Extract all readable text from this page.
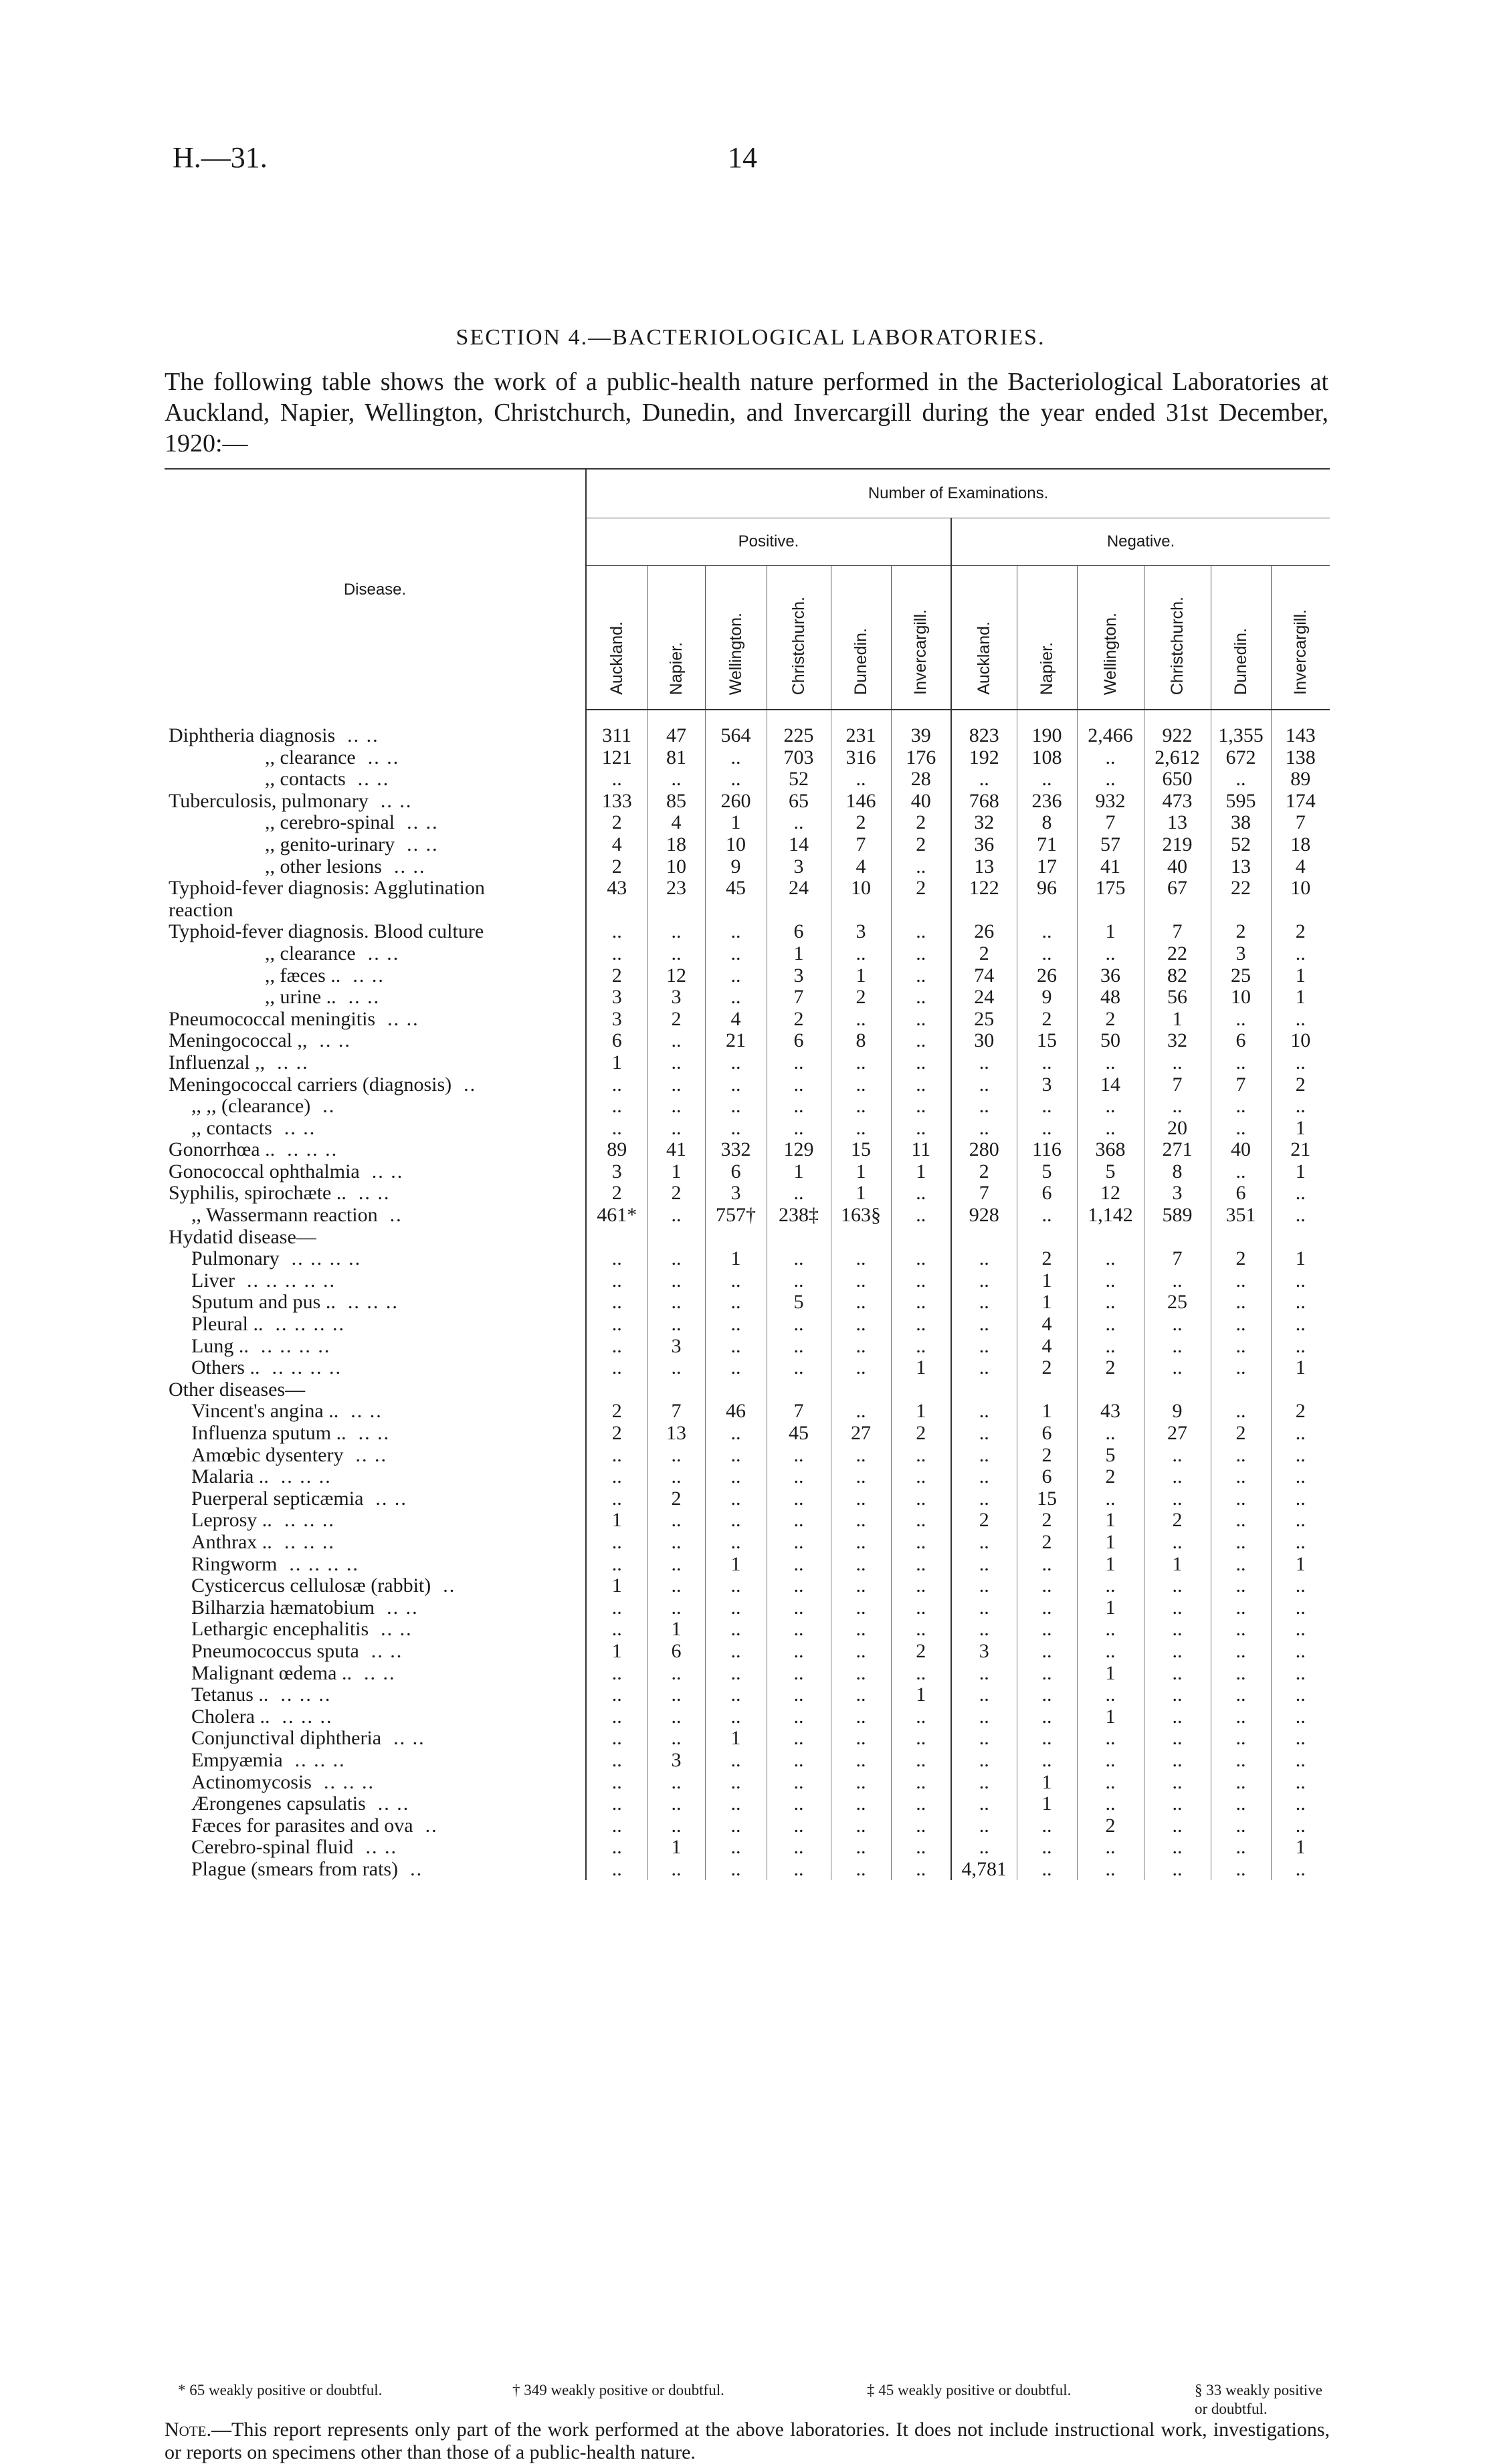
H.—31.	14
SECTION 4.—BACTERIOLOGICAL LABORATORIES.
The following table shows the work of a public-health nature performed in the Bacteriological Laboratories at Auckland, Napier, Wellington, Christchurch, Dunedin, and Invercargill during the year ended 31st December, 1920:—
Disease.	Number of Examinations.											
	Positive.						Negative.					
	Auckland.	Napier.	Wellington.	Christchurch.	Dunedin.	Invercargill.	Auckland.	Napier.	Wellington.	Christchurch.	Dunedin.	Invercargill.
Diphtheria diagnosis .. ..	311	47	564	225	231	39	823	190	2,466	922	1,355	143
,, clearance .. ..	121	81	..	703	316	176	192	108	..	2,612	672	138
,, contacts .. ..	..	..	..	52	..	28	..	..	..	650	..	89
Tuberculosis, pulmonary .. ..	133	85	260	65	146	40	768	236	932	473	595	174
,, cerebro-spinal .. ..	2	4	1	..	2	2	32	8	7	13	38	7
,, genito-urinary .. ..	4	18	10	14	7	2	36	71	57	219	52	18
,, other lesions .. ..	2	10	9	3	4	..	13	17	41	40	13	4
Typhoid-fever diagnosis: Agglutination	43	23	45	24	10	2	122	96	175	67	22	10
reaction												
Typhoid-fever diagnosis. Blood culture	..	..	..	6	3	..	26	..	1	7	2	2
,, clearance .. ..	..	..	..	1	..	..	2	..	..	22	3	..
,, fæces .. .. ..	2	12	..	3	1	..	74	26	36	82	25	1
,, urine .. .. ..	3	3	..	7	2	..	24	9	48	56	10	1
Pneumococcal meningitis .. ..	3	2	4	2	..	..	25	2	2	1	..	..
Meningococcal ,, .. ..	6	..	21	6	8	..	30	15	50	32	6	10
Influenzal ,, .. ..	1	..	..	..	..	..	..	..	..	..	..	..
Meningococcal carriers (diagnosis) ..	..	..	..	..	..	..	..	3	14	7	7	2
,, ,, (clearance) ..	..	..	..	..	..	..	..	..	..	..	..	..
,, contacts .. ..	..	..	..	..	..	..	..	..	..	20	..	1
Gonorrhœa .. .. .. ..	89	41	332	129	15	11	280	116	368	271	40	21
Gonococcal ophthalmia .. ..	3	1	6	1	1	1	2	5	5	8	..	1
Syphilis, spirochæte .. .. ..	2	2	3	..	1	..	7	6	12	3	6	..
,, Wassermann reaction ..	461*	..	757†	238‡	163§	..	928	..	1,142	589	351	..
Hydatid disease—												
Pulmonary .. .. .. ..	..	..	1	..	..	..	..	2	..	7	2	1
Liver .. .. .. .. ..	..	..	..	..	..	..	..	1	..	..	..	..
Sputum and pus .. .. .. ..	..	..	..	5	..	..	..	1	..	25	..	..
Pleural .. .. .. .. ..	..	..	..	..	..	..	..	4	..	..	..	..
Lung .. .. .. .. ..	..	3	..	..	..	..	..	4	..	..	..	..
Others .. .. .. .. ..	..	..	..	..	..	1	..	2	2	..	..	1
Other diseases—												
Vincent's angina .. .. ..	2	7	46	7	..	1	..	1	43	9	..	2
Influenza sputum .. .. ..	2	13	..	45	27	2	..	6	..	27	2	..
Amœbic dysentery .. ..	..	..	..	..	..	..	..	2	5	..	..	..
Malaria .. .. .. ..	..	..	..	..	..	..	..	6	2	..	..	..
Puerperal septicæmia .. ..	..	2	..	..	..	..	..	15	..	..	..	..
Leprosy .. .. .. ..	1	..	..	..	..	..	2	2	1	2	..	..
Anthrax .. .. .. ..	..	..	..	..	..	..	..	2	1	..	..	..
Ringworm .. .. .. ..	..	..	1	..	..	..	..	..	1	1	..	1
Cysticercus cellulosæ (rabbit) ..	1	..	..	..	..	..	..	..	..	..	..	..
Bilharzia hæmatobium .. ..	..	..	..	..	..	..	..	..	1	..	..	..
Lethargic encephalitis .. ..	..	1	..	..	..	..	..	..	..	..	..	..
Pneumococcus sputa .. ..	1	6	..	..	..	2	3	..	..	..	..	..
Malignant œdema .. .. ..	..	..	..	..	..	..	..	..	1	..	..	..
Tetanus .. .. .. ..	..	..	..	..	..	1	..	..	..	..	..	..
Cholera .. .. .. ..	..	..	..	..	..	..	..	..	1	..	..	..
Conjunctival diphtheria .. ..	..	..	1	..	..	..	..	..	..	..	..	..
Empyæmia .. .. ..	..	3	..	..	..	..	..	..	..	..	..	..
Actinomycosis .. .. ..	..	..	..	..	..	..	..	1	..	..	..	..
Ærongenes capsulatis .. ..	..	..	..	..	..	..	..	1	..	..	..	..
Fæces for parasites and ova ..	..	..	..	..	..	..	..	..	2	..	..	..
Cerebro-spinal fluid .. ..	..	1	..	..	..	..	..	..	..	..	..	1
Plague (smears from rats) ..	..	..	..	..	..	..	4,781	..	..	..	..	..
* 65 weakly positive or doubtful.	† 349 weakly positive or doubtful.	‡ 45 weakly positive or doubtful.	§ 33 weakly positive or doubtful.
Note.—This report represents only part of the work performed at the above laboratories. It does not include instructional work, investigations, or reports on specimens other than those of a public-health nature.
